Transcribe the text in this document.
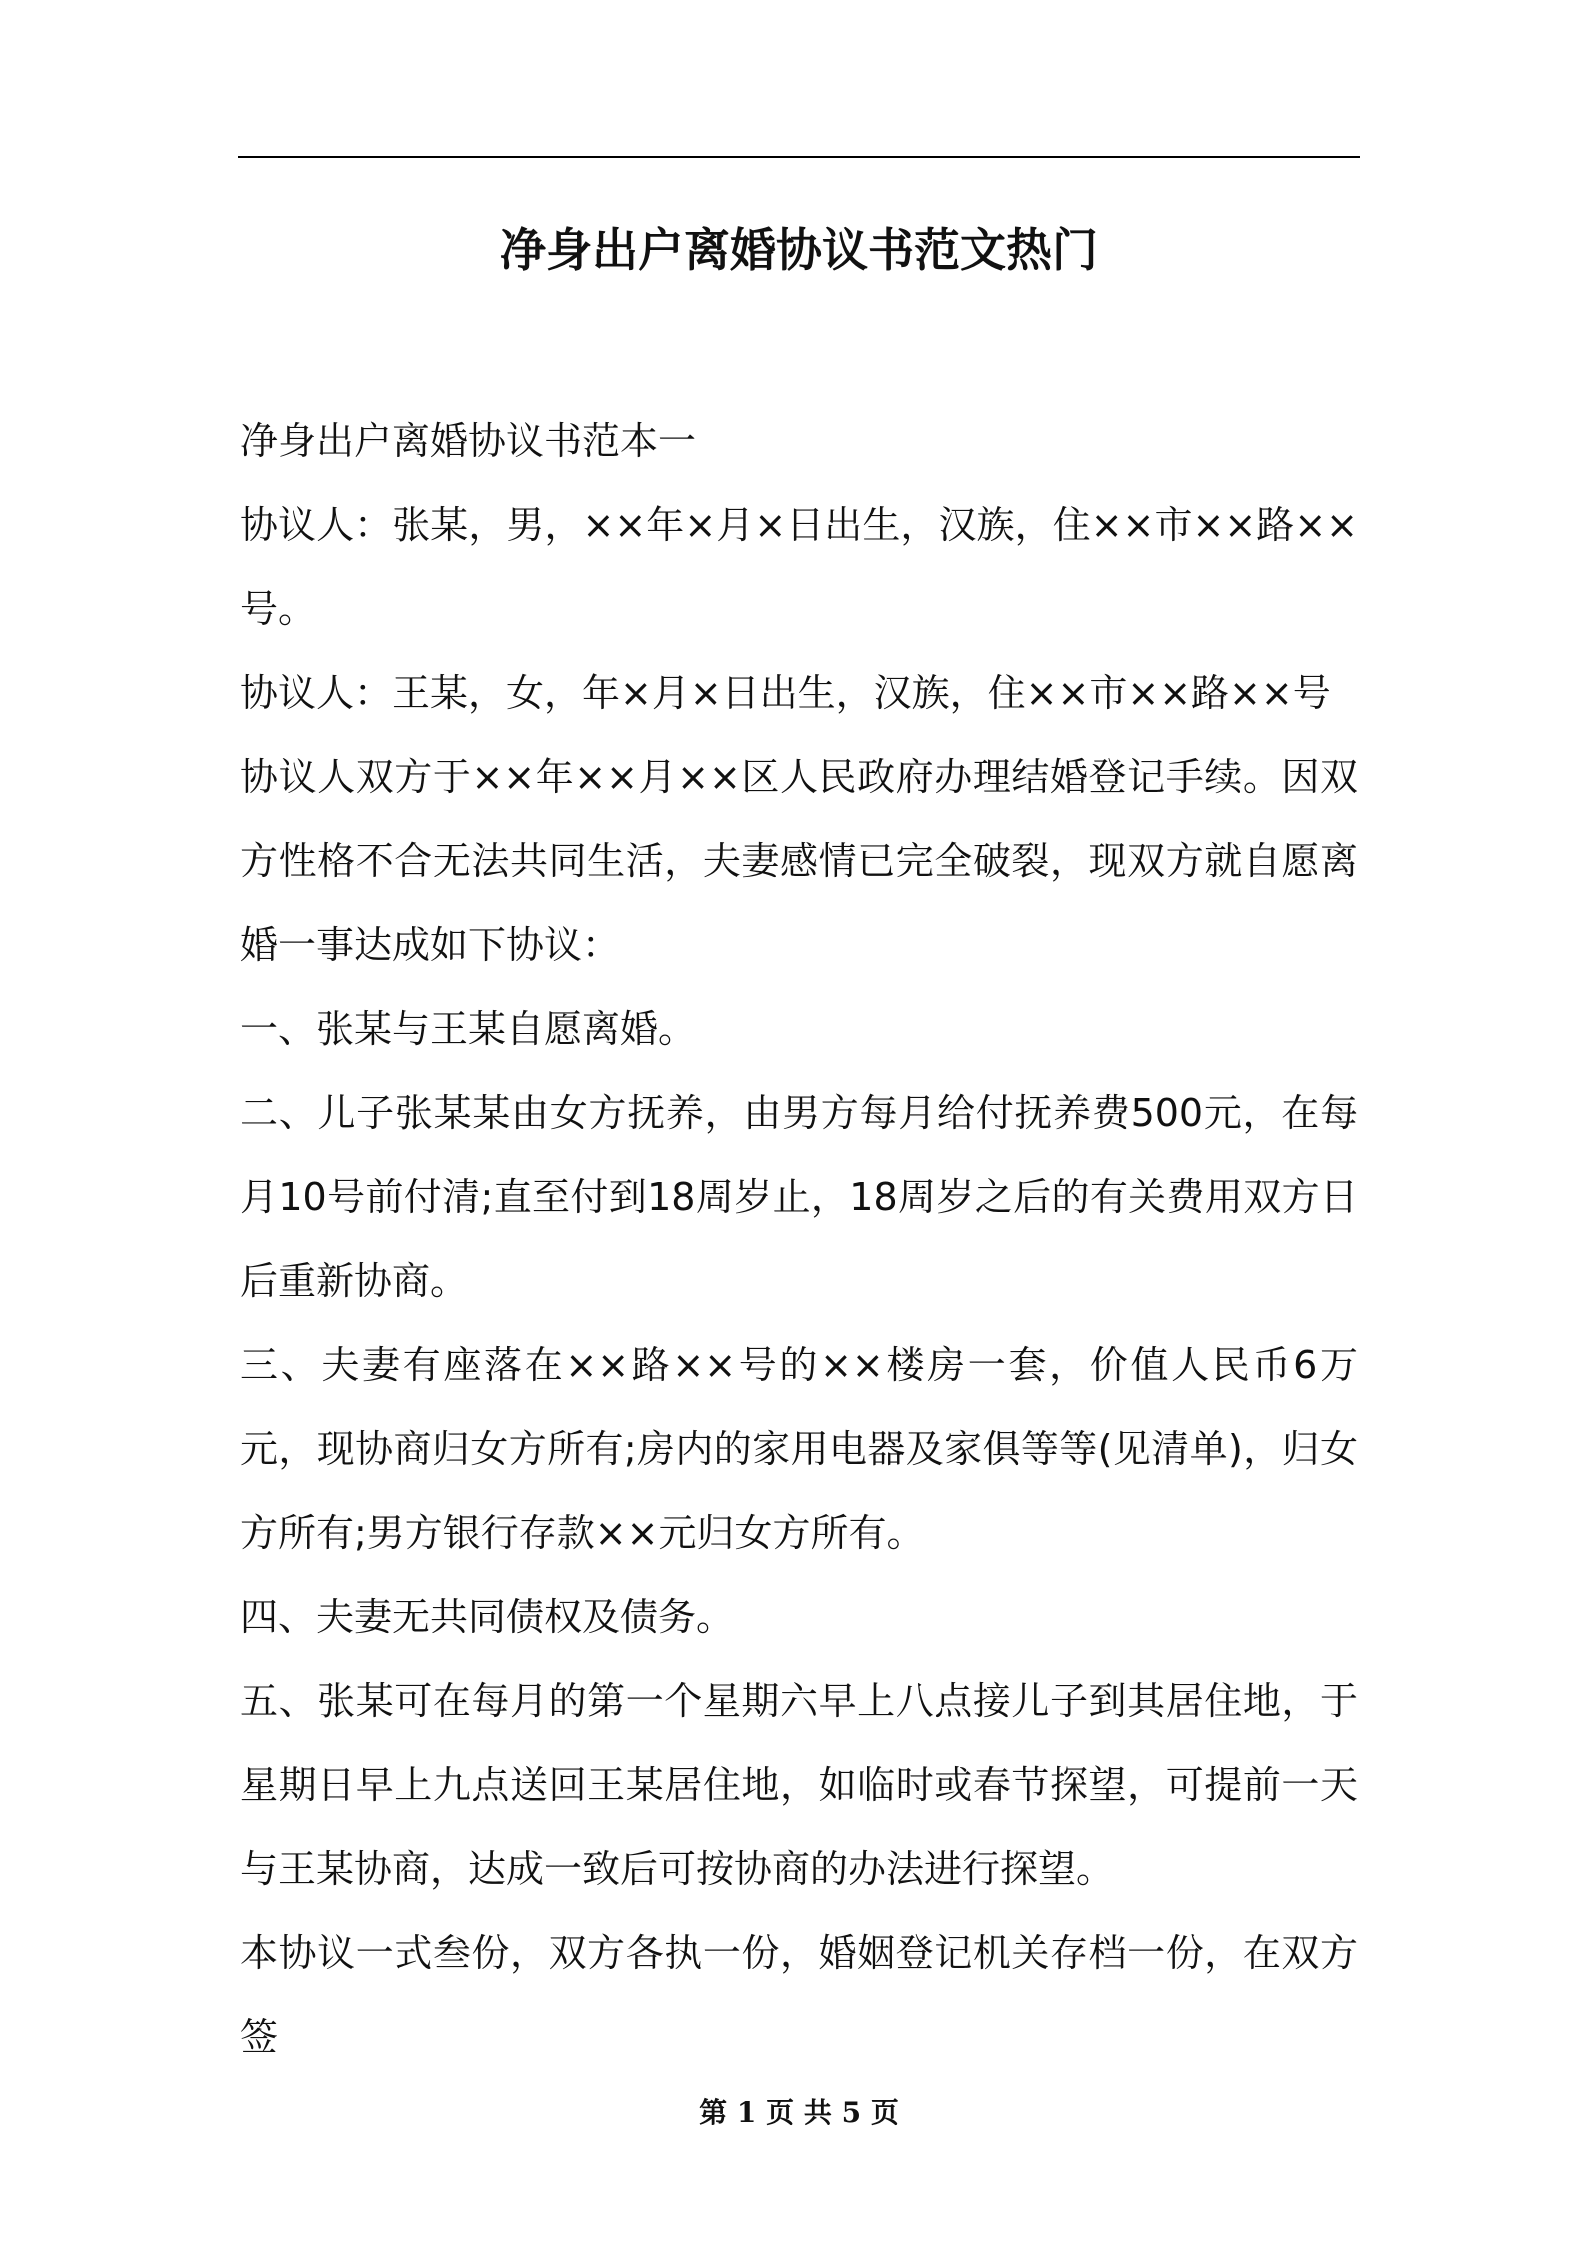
净身出户离婚协议书范文热门

净身出户离婚协议书范本一

协议人：张某，男，××年×月×日出生，汉族，住××市××路××号。

协议人：王某，女，年×月×日出生，汉族，住××市××路××号

协议人双方于××年××月××区人民政府办理结婚登记手续。因双方性格不合无法共同生活，夫妻感情已完全破裂，现双方就自愿离婚一事达成如下协议：

一、张某与王某自愿离婚。

二、儿子张某某由女方抚养，由男方每月给付抚养费500元，在每月10号前付清;直至付到18周岁止，18周岁之后的有关费用双方日后重新协商。

三、夫妻有座落在××路××号的××楼房一套，价值人民币6万元，现协商归女方所有;房内的家用电器及家俱等等(见清单)，归女方所有;男方银行存款××元归女方所有。

四、夫妻无共同债权及债务。

五、张某可在每月的第一个星期六早上八点接儿子到其居住地，于星期日早上九点送回王某居住地，如临时或春节探望，可提前一天与王某协商，达成一致后可按协商的办法进行探望。

本协议一式叁份，双方各执一份，婚姻登记机关存档一份，在双方签

第 1 页 共 5 页
